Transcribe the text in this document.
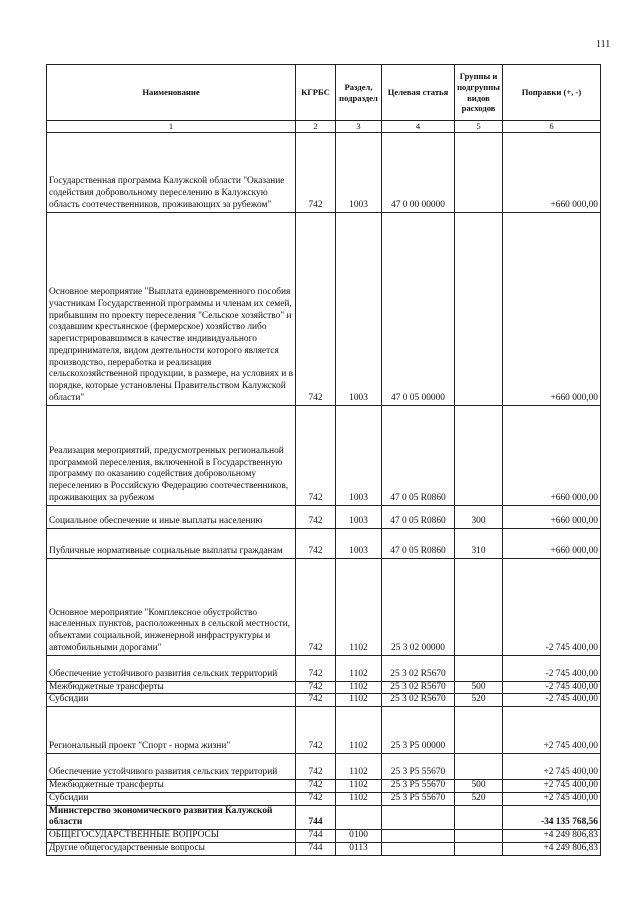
111
Наименование	КГРБС	Раздел, подраздел	Целевая статья	Группы и подгруппы видов расходов	Поправки (+, -)
1	2	3	4	5	6
Государственная программа Калужской области "Оказание содействия добровольному переселению в Калужскую область соотечественников, проживающих за рубежом"	742	1003	47 0 00 00000		+660 000,00
Основное мероприятие "Выплата единовременного пособия участникам Государственной программы и членам их семей, прибывшим по проекту переселения "Сельское хозяйство" и создавшим крестьянское (фермерское) хозяйство либо зарегистрировавшимся в качестве индивидуального предпринимателя, видом деятельности которого является производство, переработка и реализация сельскохозяйственной продукции, в размере, на условиях и в порядке, которые установлены Правительством Калужской области"	742	1003	47 0 05 00000		+660 000,00
Реализация мероприятий, предусмотренных региональной программой переселения, включенной в Государственную программу по оказанию содействия добровольному переселению в Российскую Федерацию соотечественников, проживающих за рубежом	742	1003	47 0 05 R0860		+660 000,00
Социальное обеспечение и иные выплаты населению	742	1003	47 0 05 R0860	300	+660 000,00
Публичные нормативные социальные выплаты гражданам	742	1003	47 0 05 R0860	310	+660 000,00
Основное мероприятие "Комплексное обустройство населенных пунктов, расположенных в сельской местности, объектами социальной, инженерной инфраструктуры и автомобильными дорогами"	742	1102	25 3 02 00000		-2 745 400,00
Обеспечение устойчивого развития сельских территорий	742	1102	25 3 02 R5670		-2 745 400,00
Межбюджетные трансферты	742	1102	25 3 02 R5670	500	-2 745 400,00
Субсидии	742	1102	25 3 02 R5670	520	-2 745 400,00
Региональный проект "Спорт - норма жизни"	742	1102	25 3 P5 00000		+2 745 400,00
Обеспечение устойчивого развития сельских территорий	742	1102	25 3 P5 55670		+2 745 400,00
Межбюджетные трансферты	742	1102	25 3 P5 55670	500	+2 745 400,00
Субсидии	742	1102	25 3 P5 55670	520	+2 745 400,00
Министерство экономического развития Калужской области	744				-34 135 768,56
ОБЩЕГОСУДАРСТВЕННЫЕ ВОПРОСЫ	744	0100			+4 249 806,83
Другие общегосударственные вопросы	744	0113			+4 249 806,83
